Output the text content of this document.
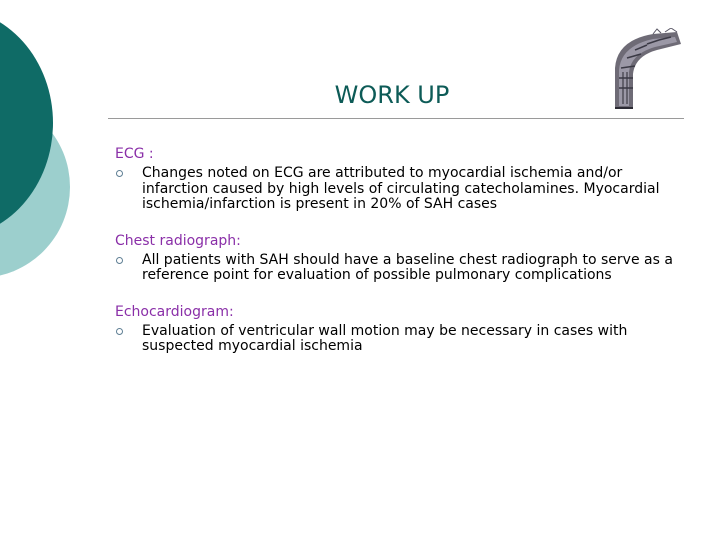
WORK UP

ECG :

Changes noted on ECG are attributed to myocardial ischemia and/or infarction caused by high levels of circulating catecholamines. Myocardial ischemia/infarction is present in 20% of SAH cases

Chest radiograph:

All patients with SAH should have a baseline chest radiograph to serve as a reference point for evaluation of possible pulmonary complications

Echocardiogram:

Evaluation of ventricular wall motion may be necessary in cases with suspected myocardial ischemia
